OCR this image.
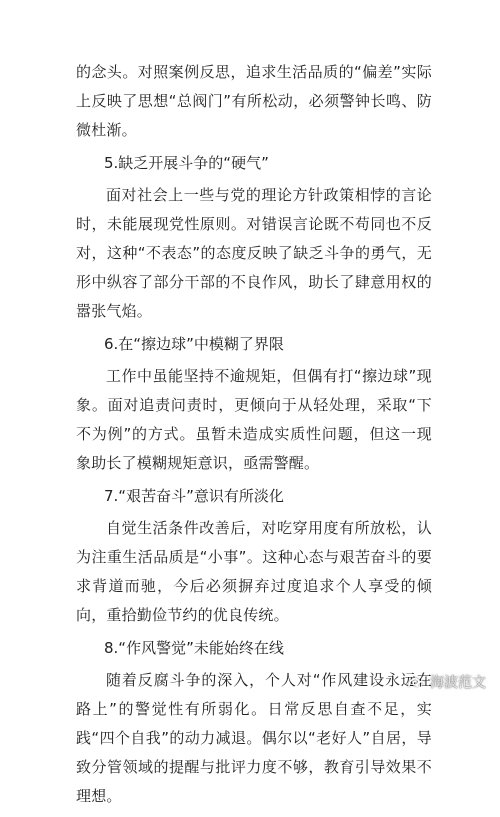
的念头。对照案例反思，追求生活品质的“偏差”实际上反映了思想“总阀门”有所松动，必须警钟长鸣、防微杜渐。

5.缺乏开展斗争的“硬气”

面对社会上一些与党的理论方针政策相悖的言论时，未能展现党性原则。对错误言论既不苟同也不反对，这种“不表态”的态度反映了缺乏斗争的勇气，无形中纵容了部分干部的不良作风，助长了肆意用权的嚣张气焰。

6.在“擦边球”中模糊了界限

工作中虽能坚持不逾规矩，但偶有打“擦边球”现象。面对追责问责时，更倾向于从轻处理，采取“下不为例”的方式。虽暂未造成实质性问题，但这一现象助长了模糊规矩意识，亟需警醒。

7.“艰苦奋斗”意识有所淡化

自觉生活条件改善后，对吃穿用度有所放松，认为注重生活品质是“小事”。这种心态与艰苦奋斗的要求背道而驰，今后必须摒弃过度追求个人享受的倾向，重拾勤俭节约的优良传统。

8.“作风警觉”未能始终在线

随着反腐斗争的深入，个人对“作风建设永远在路上”的警觉性有所弱化。日常反思自查不足，实践“四个自我”的动力减退。偶尔以“老好人”自居，导致分管领域的提醒与批评力度不够，教育引导效果不理想。

海波范文
